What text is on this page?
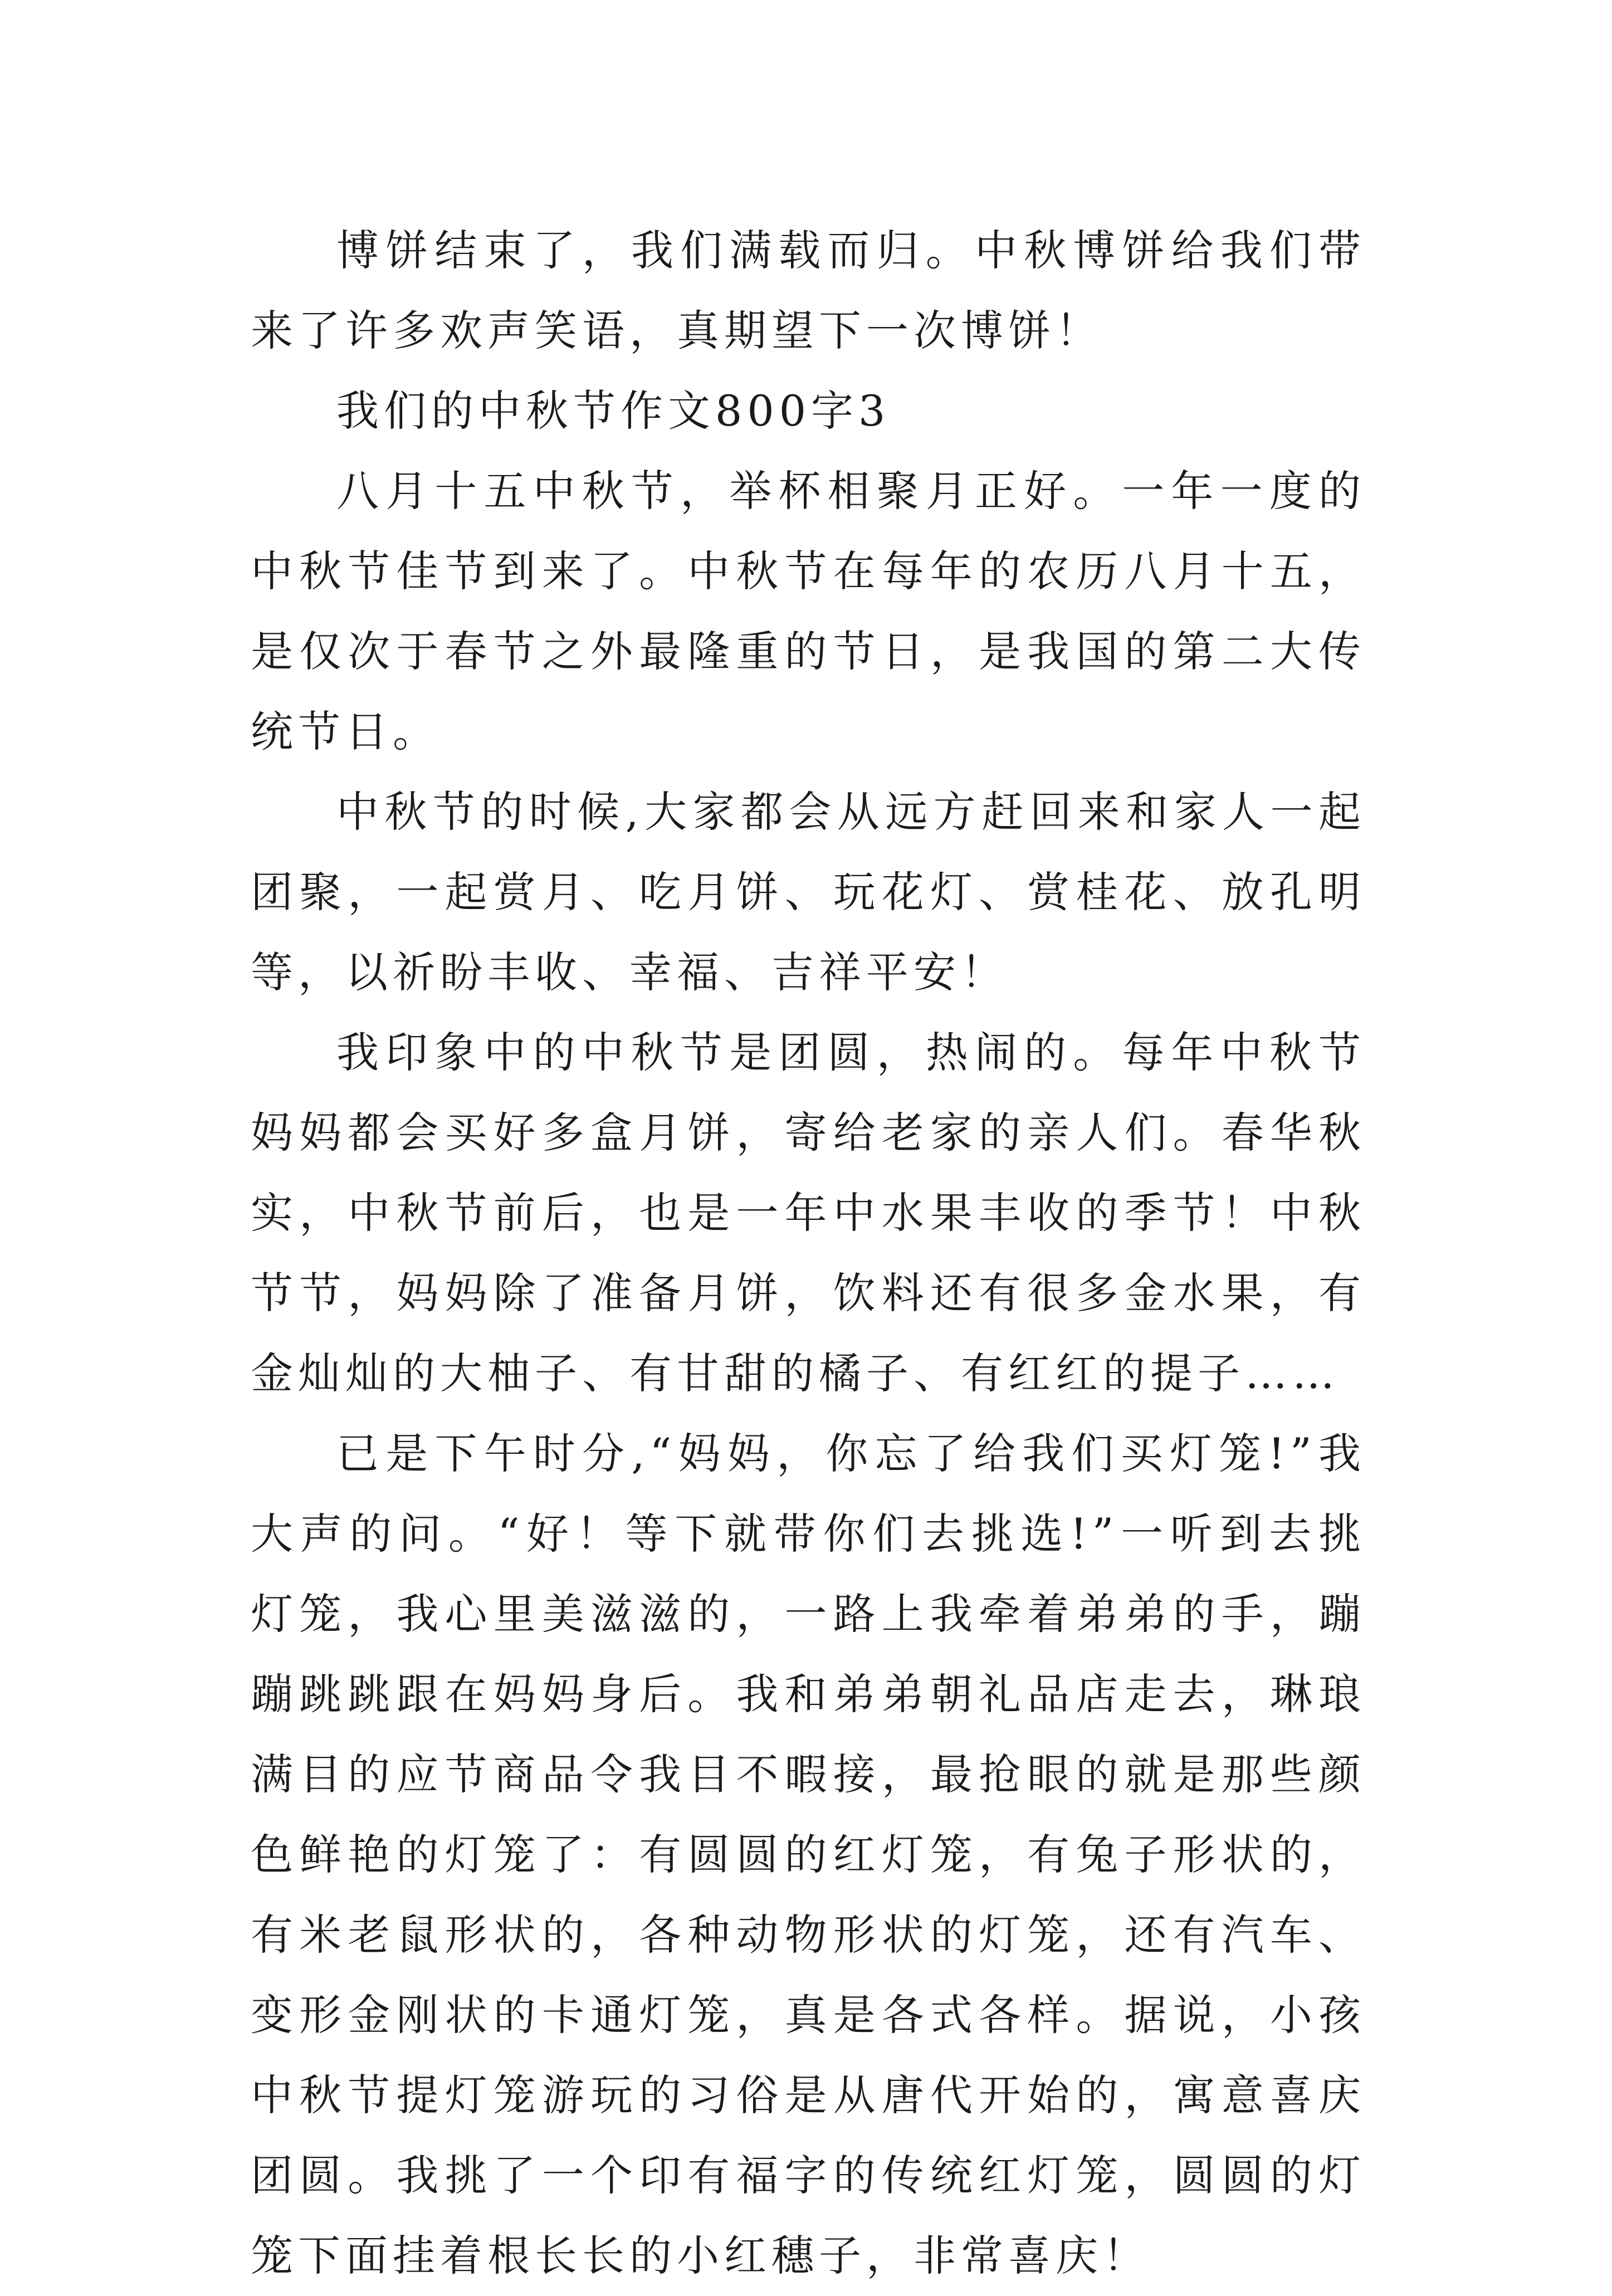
博饼结束了，我们满载而归。中秋博饼给我们带来了许多欢声笑语，真期望下一次博饼！

我们的中秋节作文800字3

八月十五中秋节，举杯相聚月正好。一年一度的中秋节佳节到来了。中秋节在每年的农历八月十五，是仅次于春节之外最隆重的节日，是我国的第二大传统节日。

中秋节的时候,大家都会从远方赶回来和家人一起团聚，一起赏月、吃月饼、玩花灯、赏桂花、放孔明等，以祈盼丰收、幸福、吉祥平安！

我印象中的中秋节是团圆，热闹的。每年中秋节妈妈都会买好多盒月饼，寄给老家的亲人们。春华秋实，中秋节前后，也是一年中水果丰收的季节！中秋节节，妈妈除了准备月饼，饮料还有很多金水果，有金灿灿的大柚子、有甘甜的橘子、有红红的提子……

已是下午时分,“妈妈，你忘了给我们买灯笼!”我大声的问。“好！等下就带你们去挑选!”一听到去挑灯笼，我心里美滋滋的，一路上我牵着弟弟的手，蹦蹦跳跳跟在妈妈身后。我和弟弟朝礼品店走去，琳琅满目的应节商品令我目不暇接，最抢眼的就是那些颜色鲜艳的灯笼了：有圆圆的红灯笼，有兔子形状的，有米老鼠形状的，各种动物形状的灯笼，还有汽车、变形金刚状的卡通灯笼，真是各式各样。据说，小孩中秋节提灯笼游玩的习俗是从唐代开始的，寓意喜庆团圆。我挑了一个印有福字的传统红灯笼，圆圆的灯笼下面挂着根长长的小红穗子，非常喜庆！
